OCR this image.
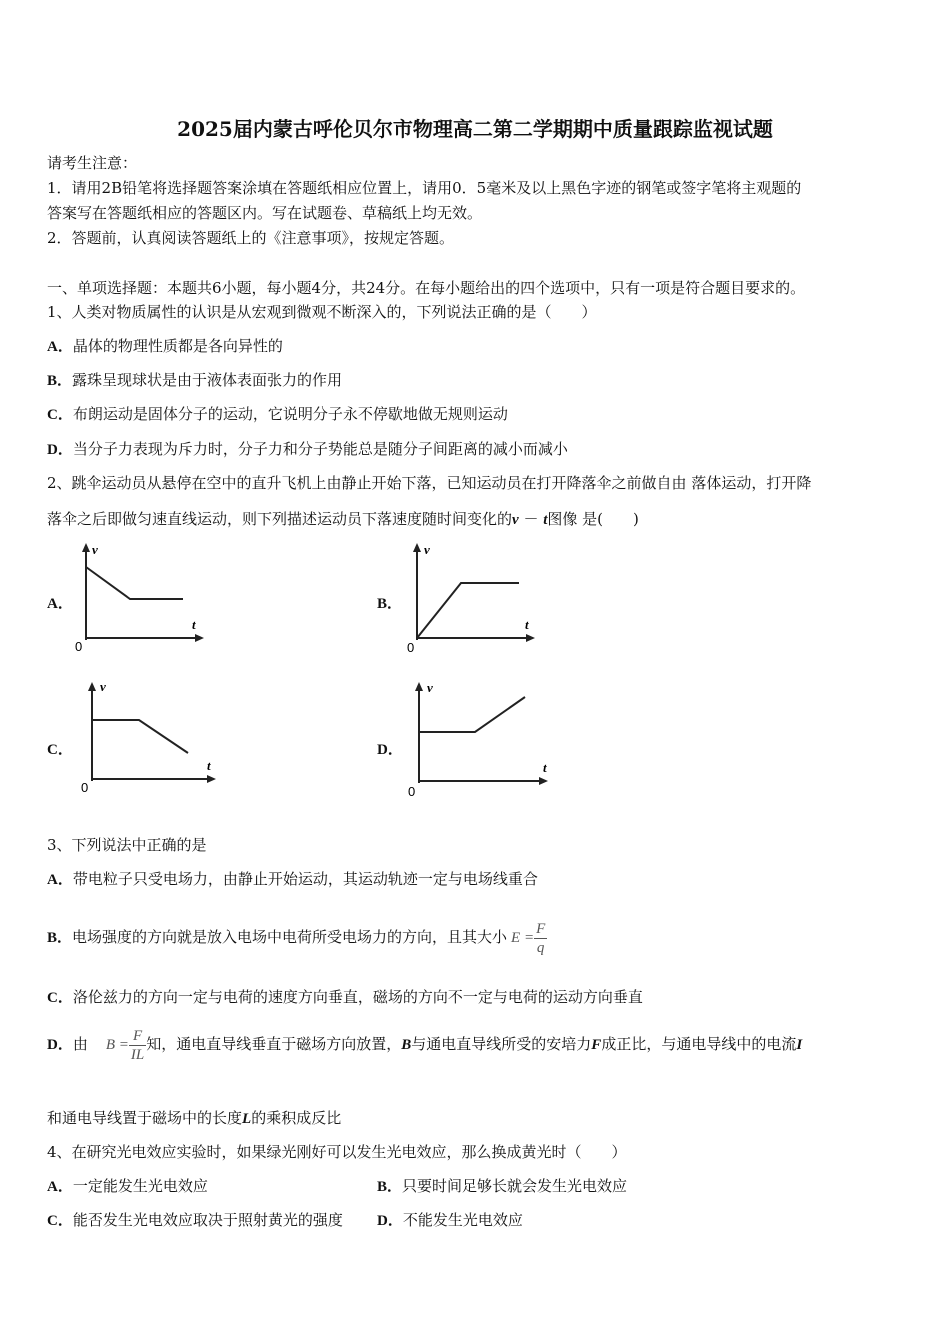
2025届内蒙古呼伦贝尔市物理高二第二学期期中质量跟踪监视试题
请考生注意：
1．请用2B铅笔将选择题答案涂填在答题纸相应位置上，请用0．5毫米及以上黑色字迹的钢笔或签字笔将主观题的
答案写在答题纸相应的答题区内。写在试题卷、草稿纸上均无效。
2．答题前，认真阅读答题纸上的《注意事项》，按规定答题。
一、单项选择题：本题共6小题，每小题4分，共24分。在每小题给出的四个选项中，只有一项是符合题目要求的。
1、人类对物质属性的认识是从宏观到微观不断深入的，下列说法正确的是（　　）
A．晶体的物理性质都是各向异性的
B．露珠呈现球状是由于液体表面张力的作用
C．布朗运动是固体分子的运动，它说明分子永不停歇地做无规则运动
D．当分子力表现为斥力时，分子力和分子势能总是随分子间距离的减小而减小
2、跳伞运动员从悬停在空中的直升飞机上由静止开始下落，已知运动员在打开降落伞之前做自由 落体运动，打开降
落伞之后即做匀速直线运动，则下列描述运动员下落速度随时间变化的v － t图像 是(　　)
A．	B．
C．	D．
v
t
0
v
t
0
v
t
0
v
t
0
3、下列说法中正确的是
A．带电粒子只受电场力，由静止开始运动，其运动轨迹一定与电场线重合
B．电场强度的方向就是放入电场中电荷所受电场力的方向，且其大小 $E = \frac{F}{q}$
C．洛伦兹力的方向一定与电荷的速度方向垂直，磁场的方向不一定与电荷的运动方向垂直
D．由 $B = \frac{F}{IL}$ 知，通电直导线垂直于磁场方向放置，B与通电直导线所受的安培力F成正比，与通电导线中的电流I
和通电导线置于磁场中的长度L的乘积成反比
4、在研究光电效应实验时，如果绿光刚好可以发生光电效应，那么换成黄光时（　　）
A．一定能发生光电效应	B．只要时间足够长就会发生光电效应
C．能否发生光电效应取决于照射黄光的强度 D．不能发生光电效应
